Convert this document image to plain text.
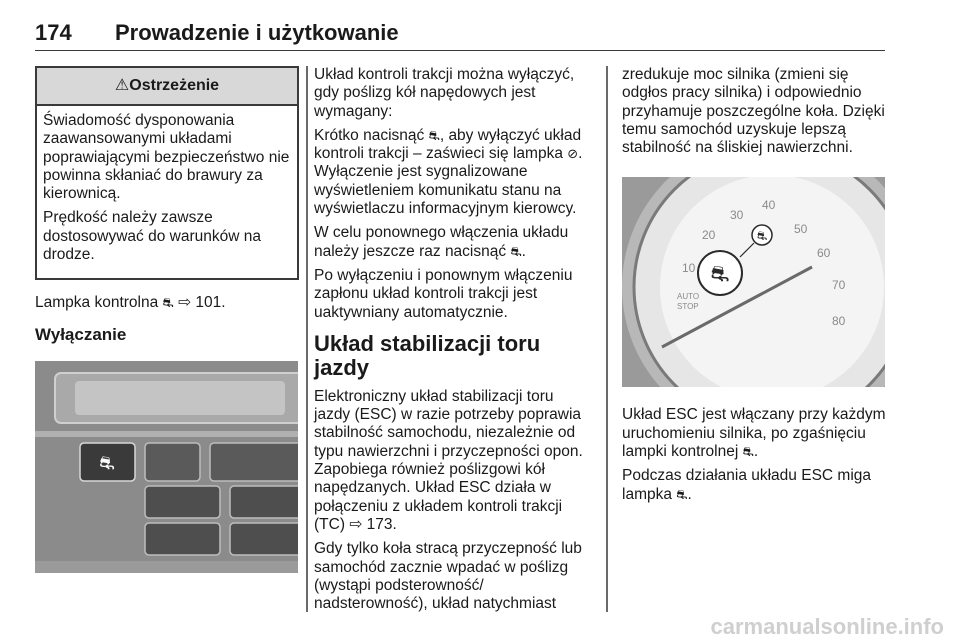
174 Prowadzenie i użytkowanie
⚠Ostrzeżenie

Świadomość dysponowania zaawansowanymi układami poprawiającymi bezpieczeństwo nie powinna skłaniać do brawury za kierownicą.

Prędkość należy zawsze dostosowywać do warunków na drodze.

Lampka kontrolna ⛐ ⇨ 101.

Wyłączanie
⛐

Układ kontroli trakcji można wyłączyć, gdy poślizg kół napędowych jest wymagany:

Krótko nacisnąć ⛐, aby wyłączyć układ kontroli trakcji – zaświeci się lampka ⊘. Wyłączenie jest sygnalizowane wyświetleniem komunikatu stanu na wyświetlaczu informacyjnym kierowcy.

W celu ponownego włączenia układu należy jeszcze raz nacisnąć ⛐.

Po wyłączeniu i ponownym włączeniu zapłonu układ kontroli trakcji jest uaktywniany automatycznie.

Układ stabilizacji toru jazdy

Elektroniczny układ stabilizacji toru jazdy (ESC) w razie potrzeby poprawia stabilność samochodu, niezależnie od typu nawierzchni i przyczepności opon. Zapobiega również poślizgowi kół napędzanych. Układ ESC działa w połączeniu z układem kontroli trakcji (TC) ⇨ 173.

Gdy tylko koła stracą przyczepność lub samochód zacznie wpadać w poślizg (wystąpi podsterowność/ nadsterowność), układ natychmiast

zredukuje moc silnika (zmieni się odgłos pracy silnika) i odpowiednio przyhamuje poszczególne koła. Dzięki temu samochód uzyskuje lepszą stabilność na śliskiej nawierzchni.

10
20
30
40
50
60
70
80
AUTO
STOP
⛐
⛐

Układ ESC jest włączany przy każdym uruchomieniu silnika, po zgaśnięciu lampki kontrolnej ⛐.

Podczas działania układu ESC miga lampka ⛐.

carmanualsonline.info
